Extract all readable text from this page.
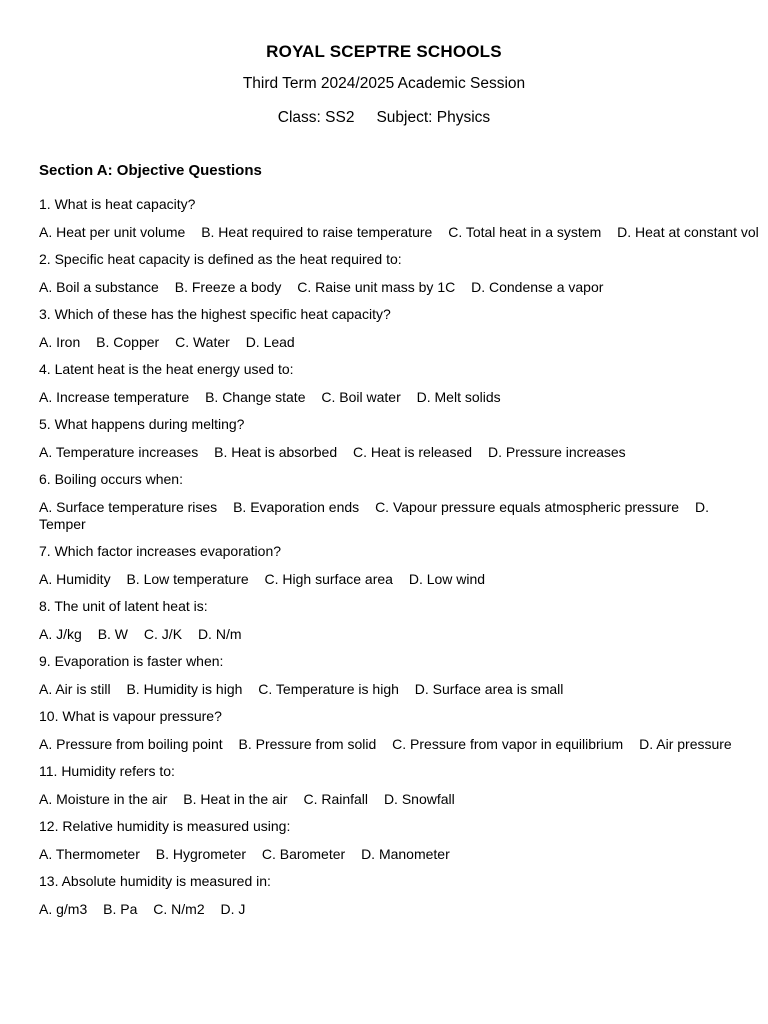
ROYAL SCEPTRE SCHOOLS
Third Term 2024/2025 Academic Session
Class: SS2 Subject: Physics
Section A: Objective Questions
1. What is heat capacity?
A. Heat per unit volume B. Heat required to raise temperature C. Total heat in a system D. Heat at constant vol
2. Specific heat capacity is defined as the heat required to:
A. Boil a substance B. Freeze a body C. Raise unit mass by 1C D. Condense a vapor
3. Which of these has the highest specific heat capacity?
A. Iron B. Copper C. Water D. Lead
4. Latent heat is the heat energy used to:
A. Increase temperature B. Change state C. Boil water D. Melt solids
5. What happens during melting?
A. Temperature increases B. Heat is absorbed C. Heat is released D. Pressure increases
6. Boiling occurs when:
A. Surface temperature rises B. Evaporation ends C. Vapour pressure equals atmospheric pressure D. Temper
7. Which factor increases evaporation?
A. Humidity B. Low temperature C. High surface area D. Low wind
8. The unit of latent heat is:
A. J/kg B. W C. J/K D. N/m
9. Evaporation is faster when:
A. Air is still B. Humidity is high C. Temperature is high D. Surface area is small
10. What is vapour pressure?
A. Pressure from boiling point B. Pressure from solid C. Pressure from vapor in equilibrium D. Air pressure
11. Humidity refers to:
A. Moisture in the air B. Heat in the air C. Rainfall D. Snowfall
12. Relative humidity is measured using:
A. Thermometer B. Hygrometer C. Barometer D. Manometer
13. Absolute humidity is measured in:
A. g/m3 B. Pa C. N/m2 D. J
